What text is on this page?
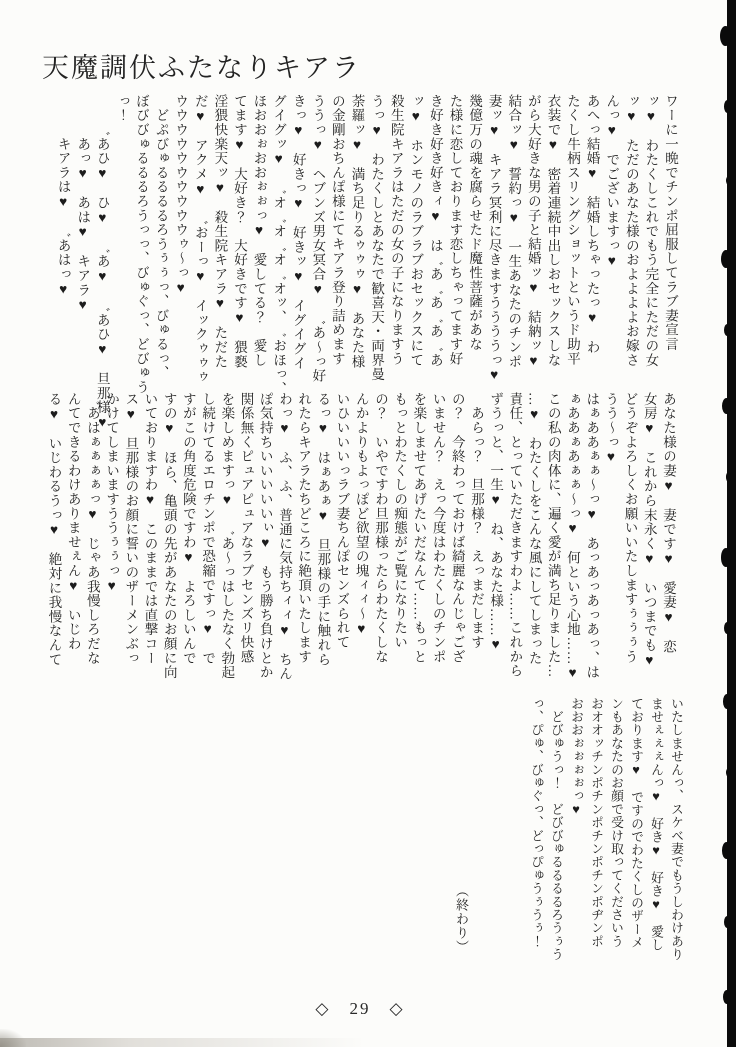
天魔調伏ふたなりキアラ

ワーに一晩でチンポ屈服してラブ妻宣言

ッ♥　わたくしこれでもう完全にただの女

ッ♥　ただのあなた様のおよよよよお嫁さ

んっ♥　でございますっ♥

あへっ結婚♥　結婚しちゃったっ♥　わ

たくし牛柄スリングショットというド助平

衣装で♥　密着連続中出しおセックスしな

がら大好きな男の子と結婚ッ♥　結納ッ♥

結合ッ♥　誓約っ♥　一生あなたのチンポ

妻ッ♥　キアラ冥利に尽きますううううっ♥

幾億万の魂を腐らせたド魔性菩薩があな

た様に恋しております恋しちゃってます好

き好き好き好きィ♥　は゛あ゛あ゛あ゛あ

ッ♥　ホンモノのラブラブおセックスにて

殺生院キアラはただの女の子になりますう

うっ♥　わたくしとあなたで歓喜天・両界曼

荼羅ッ♥　満ち足りるゥゥゥ♥　あなた様

の金剛おちんぽ様にてキアラ登り詰めます

ううっ♥　ヘブンズ男女冥合♥　゛あ〜っ好

きっ♥　好きっ♥　好きッ♥　イグイグイ

グイグッ♥　゛オ゛オ゛オ゛オッ、゛おほっ、

ほおおぉおおぉぉっ♥　愛してる？　愛し

てます♥　大好き？　大好きです♥　猥褻

淫猥快楽天ッ♥　殺生院キアラ♥　ただた

だ♥　アクメ♥　゛おーっ♥　イックゥゥゥ

ウウウウウウウウウウゥ〜っ♥

　どぷびゅるるるるろうぅぅっ、びゅるっ、

ぼびびゅるるるろうっっ、びゅぐっ、どびゅう

っ！

　　゛あひ♥　ひ♥　゛あ♥　゛あひ♥　旦那様♥

　　　あっ♥　あは♥　キアラ♥

　　　キアラは♥　゛あはっ♥

あなた様の妻♥　妻です♥　愛妻♥　恋

女房♥　これから末永く♥　いつまでも♥

どうぞよろしくお願いいたしますぅぅぅう

うう〜っ♥

はぁああぁぁ〜っ♥　あっあっあっあっ、は

ぁああぁあぁぁ〜っ♥　何という心地……♥

この私の肉体に、遍く愛が満ち足りました…

…♥　わたくしをこんな風にしてしまった

責任、とっていただきますわよ……これから

ずうっと、一生♥　ね、あなた様……♥

　あらっ？　旦那様？　えっまだします

の？　今終わっておけば綺麗なんじゃござ

いません？　えっ今度はわたくしのチンポ

を楽しませてあげたいだなんて……もっと

もっとわたくしの痴態がご覧になりたい

の？　いやですわ旦那様ったらわたくしな

んかよりもよっぽど欲望の塊ィィ〜♥

いひいいいっラブ妻ちんぽセンズられて

るっ♥　はぁあぁ♥　旦那様の手に触れら

れたらキアラたちどころに絶頂いたします

わっ♥　ふ、ふ、普通に気持ちィィ♥　ちん

ぽ気持ちいいいいいぃ♥　もう勝ち負けとか

関係無くピュアピュアなラブセンズリ快感

を楽しめますっ♥　゛あ〜っはしたなく勃起

し続けてるエロチンポで恐縮ですっ♥　で

すがこの角度危険ですわ♥　よろしいんで

すの♥　ほら、亀頭の先があなたのお顔に向

いておりますわ♥　このままでは直撃コー

ス♥　旦那様のお顔に誓いのザーメンぶっ

かけてしまいますううぅぅっ♥

゛あはぁぁぁぁっ♥　じゃあ我慢しろだな

んてできるわけありませぇん♥　いじわ

る♥　いじわるうっ♥　絶対に我慢なんて

いたしませんっ、スケベ妻でもうしわけあり

ませぇぇぇんっ♥　好き♥　好き♥　愛し

ております♥　ですのでわたくしのザーメ

ンもあなたのお顔で受け取ってくださいう

おオオッチンポチンポチンポチンポヂンポ

おおおぉぉぉぉっ♥

　どびゅうっ！　どびびゅるるるるろうぅう

っ、ぴゅ、びゅぐっ、どっぴゅうぅうぅ！

（終わり）
◇　29　◇
